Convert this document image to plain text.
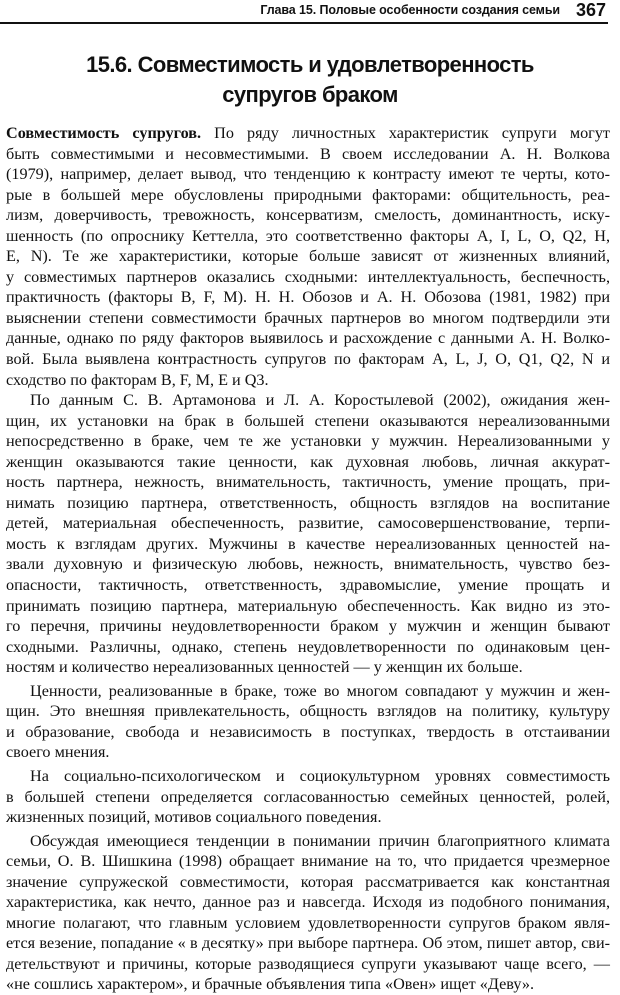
Глава 15. Половые особенности создания семьи 367
15.6. Совместимость и удовлетворенность
супругов браком

Совместимость супругов. По ряду личностных характеристик супруги могут
быть совместимыми и несовместимыми. В своем исследовании А. Н. Волкова
(1979), например, делает вывод, что тенденцию к контрасту имеют те черты, кото-
рые в большей мере обусловлены природными факторами: общительность, реа-
лизм, доверчивость, тревожность, консерватизм, смелость, доминантность, иску-
шенность (по опроснику Кеттелла, это соответственно факторы A, I, L, O, Q2, H,
E, N). Те же характеристики, которые больше зависят от жизненных влияний,
у совместимых партнеров оказались сходными: интеллектуальность, беспечность,
практичность (факторы B, F, M). Н. Н. Обозов и А. Н. Обозова (1981, 1982) при
выяснении степени совместимости брачных партнеров во многом подтвердили эти
данные, однако по ряду факторов выявилось и расхождение с данными А. Н. Волко-
вой. Была выявлена контрастность супругов по факторам A, L, J, O, Q1, Q2, N и
сходство по факторам B, F, M, E и Q3.

По данным С. В. Артамонова и Л. А. Коростылевой (2002), ожидания жен-
щин, их установки на брак в большей степени оказываются нереализованными
непосредственно в браке, чем те же установки у мужчин. Нереализованными у
женщин оказываются такие ценности, как духовная любовь, личная аккурат-
ность партнера, нежность, внимательность, тактичность, умение прощать, при-
нимать позицию партнера, ответственность, общность взглядов на воспитание
детей, материальная обеспеченность, развитие, самосовершенствование, терпи-
мость к взглядам других. Мужчины в качестве нереализованных ценностей на-
звали духовную и физическую любовь, нежность, внимательность, чувство без-
опасности, тактичность, ответственность, здравомыслие, умение прощать и
принимать позицию партнера, материальную обеспеченность. Как видно из это-
го перечня, причины неудовлетворенности браком у мужчин и женщин бывают
сходными. Различны, однако, степень неудовлетворенности по одинаковым цен-
ностям и количество нереализованных ценностей — у женщин их больше.

Ценности, реализованные в браке, тоже во многом совпадают у мужчин и жен-
щин. Это внешняя привлекательность, общность взглядов на политику, культуру
и образование, свобода и независимость в поступках, твердость в отстаивании
своего мнения.

На социально-психологическом и социокультурном уровнях совместимость
в большей степени определяется согласованностью семейных ценностей, ролей,
жизненных позиций, мотивов социального поведения.

Обсуждая имеющиеся тенденции в понимании причин благоприятного климата
семьи, О. В. Шишкина (1998) обращает внимание на то, что придается чрезмерное
значение супружеской совместимости, которая рассматривается как константная
характеристика, как нечто, данное раз и навсегда. Исходя из подобного понимания,
многие полагают, что главным условием удовлетворенности супругов браком явля-
ется везение, попадание « в десятку» при выборе партнера. Об этом, пишет автор, сви-
детельствуют и причины, которые разводящиеся супруги указывают чаще всего, —
«не сошлись характером», и брачные объявления типа «Овен» ищет «Деву».
